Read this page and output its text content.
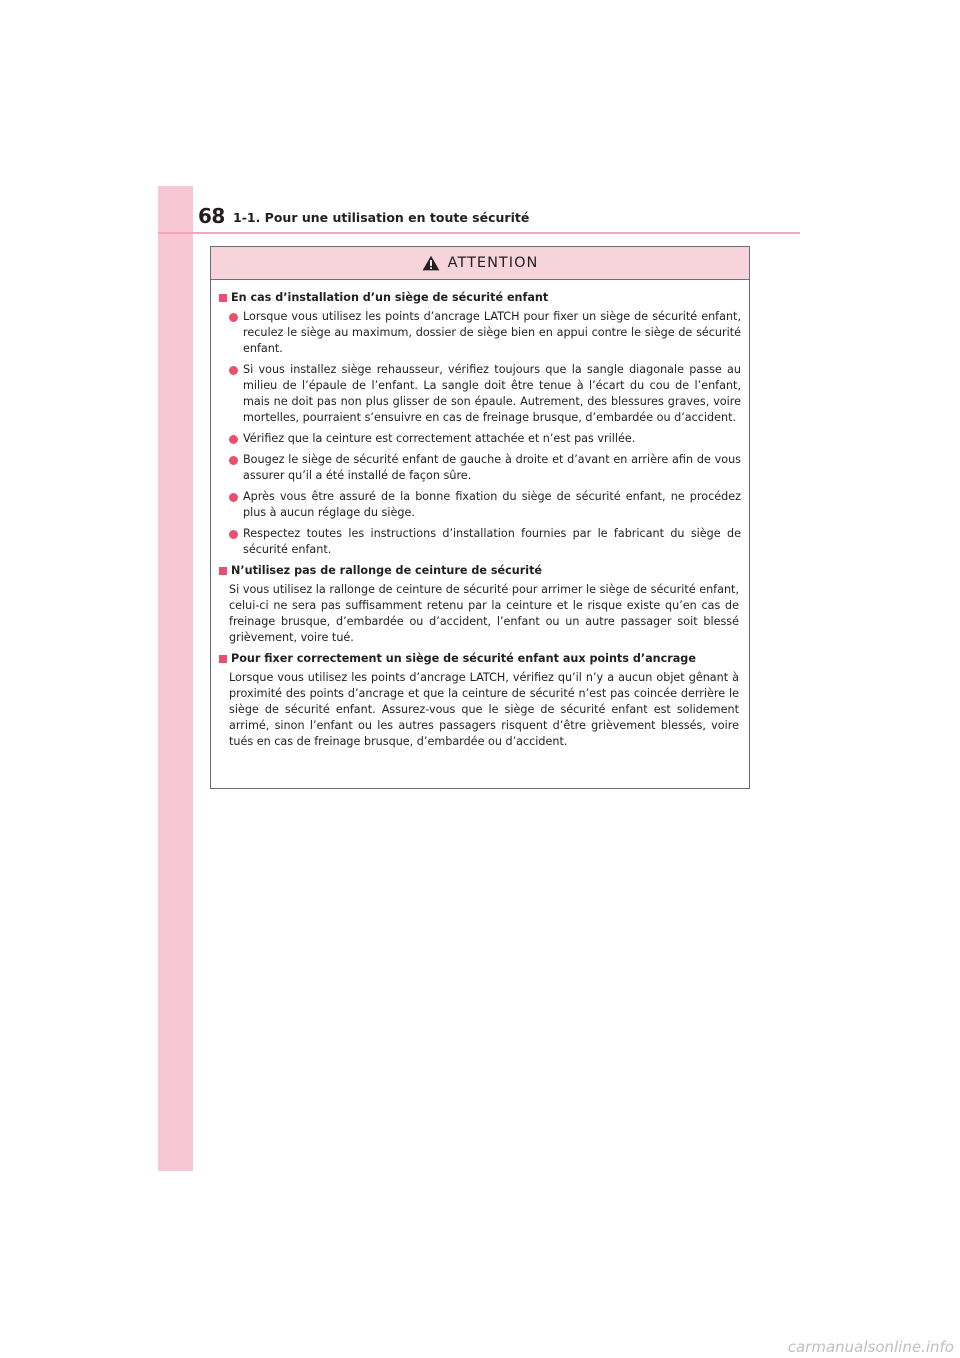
68 1-1. Pour une utilisation en toute sécurité
ATTENTION
En cas d’installation d’un siège de sécurité enfant
Lorsque vous utilisez les points d’ancrage LATCH pour fixer un siège de sécurité enfant, reculez le siège au maximum, dossier de siège bien en appui contre le siège de sécurité enfant.
Si vous installez siège rehausseur, vérifiez toujours que la sangle diagonale passe au milieu de l’épaule de l’enfant. La sangle doit être tenue à l’écart du cou de l’enfant, mais ne doit pas non plus glisser de son épaule. Autrement, des blessures graves, voire mortelles, pourraient s’ensuivre en cas de freinage brusque, d’embardée ou d’accident.
Vérifiez que la ceinture est correctement attachée et n’est pas vrillée.
Bougez le siège de sécurité enfant de gauche à droite et d’avant en arrière afin de vous assurer qu’il a été installé de façon sûre.
Après vous être assuré de la bonne fixation du siège de sécurité enfant, ne procédez plus à aucun réglage du siège.
Respectez toutes les instructions d’installation fournies par le fabricant du siège de sécurité enfant.
N’utilisez pas de rallonge de ceinture de sécurité
Si vous utilisez la rallonge de ceinture de sécurité pour arrimer le siège de sécurité enfant, celui-ci ne sera pas suffisamment retenu par la ceinture et le risque existe qu’en cas de freinage brusque, d’embardée ou d’accident, l’enfant ou un autre passager soit blessé grièvement, voire tué.
Pour fixer correctement un siège de sécurité enfant aux points d’ancrage
Lorsque vous utilisez les points d’ancrage LATCH, vérifiez qu’il n’y a aucun objet gênant à proximité des points d’ancrage et que la ceinture de sécurité n’est pas coincée derrière le siège de sécurité enfant. Assurez-vous que le siège de sécurité enfant est solidement arrimé, sinon l’enfant ou les autres passagers risquent d’être grièvement blessés, voire tués en cas de freinage brusque, d’embardée ou d’accident.
carmanualsonline.info
